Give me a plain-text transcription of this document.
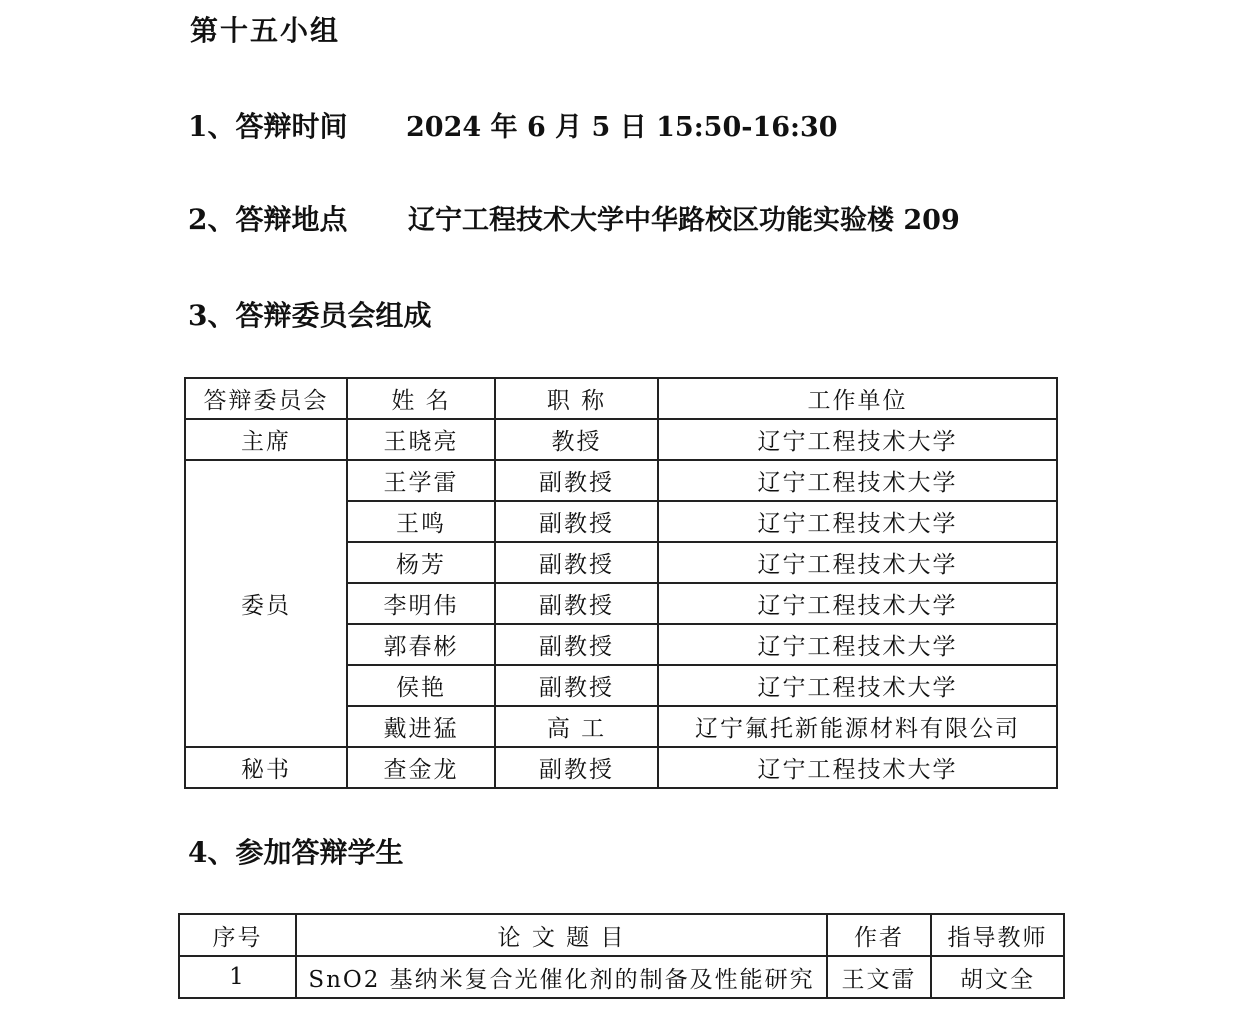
第十五小组
1、答辩时间 2024 年 6 月 5 日 15:50-16:30

2、答辩地点 辽宁工程技术大学中华路校区功能实验楼 209

3、答辩委员会组成
答辩委员会	姓 名	职 称	工作单位
主席	王晓亮	教授	辽宁工程技术大学
委员	王学雷	副教授	辽宁工程技术大学
	王鸣	副教授	辽宁工程技术大学
	杨芳	副教授	辽宁工程技术大学
	李明伟	副教授	辽宁工程技术大学
	郭春彬	副教授	辽宁工程技术大学
	侯艳	副教授	辽宁工程技术大学
	戴进猛	高 工	辽宁氟托新能源材料有限公司
秘书	查金龙	副教授	辽宁工程技术大学
4、参加答辩学生
序号	论 文 题 目	作者	指导教师
1	SnO2 基纳米复合光催化剂的制备及性能研究	王文雷	胡文全
